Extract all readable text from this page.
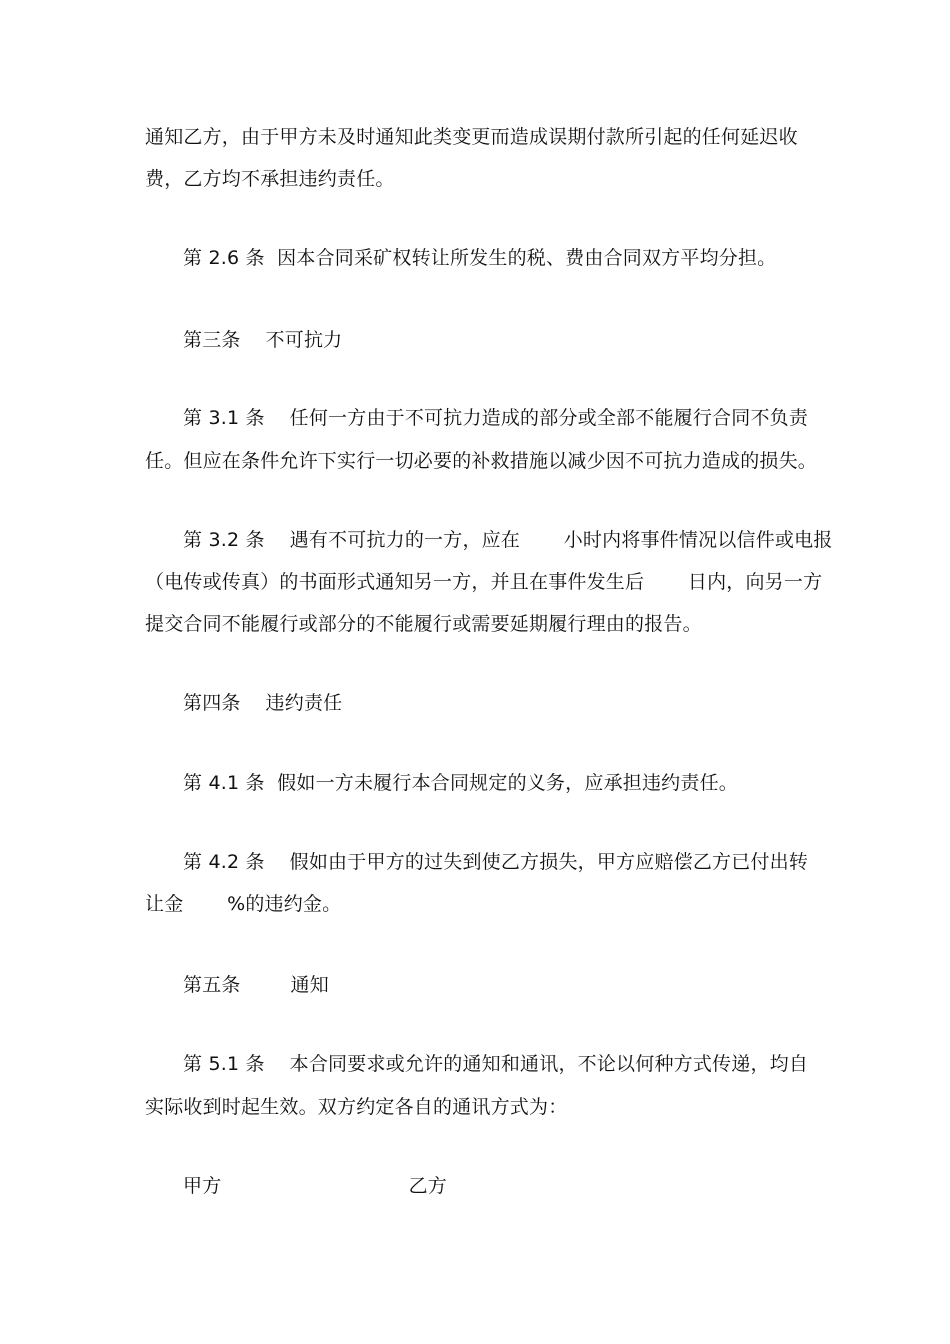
通知乙方，由于甲方未及时通知此类变更而造成误期付款所引起的任何延迟收
费，乙方均不承担违约责任。
第 2.6 条  因本合同采矿权转让所发生的税、费由合同双方平均分担。
第三条    不可抗力
第 3.1 条    任何一方由于不可抗力造成的部分或全部不能履行合同不负责
任。但应在条件允许下实行一切必要的补救措施以减少因不可抗力造成的损失。
第 3.2 条    遇有不可抗力的一方，应在       小时内将事件情况以信件或电报
（电传或传真）的书面形式通知另一方，并且在事件发生后       日内，向另一方
提交合同不能履行或部分的不能履行或需要延期履行理由的报告。
第四条    违约责任
第 4.1 条  假如一方未履行本合同规定的义务，应承担违约责任。
第 4.2 条    假如由于甲方的过失到使乙方损失，甲方应赔偿乙方已付出转
让金       %的违约金。
第五条        通知
第 5.1 条    本合同要求或允许的通知和通讯，不论以何种方式传递，均自
实际收到时起生效。双方约定各自的通讯方式为：
甲方                              乙方
